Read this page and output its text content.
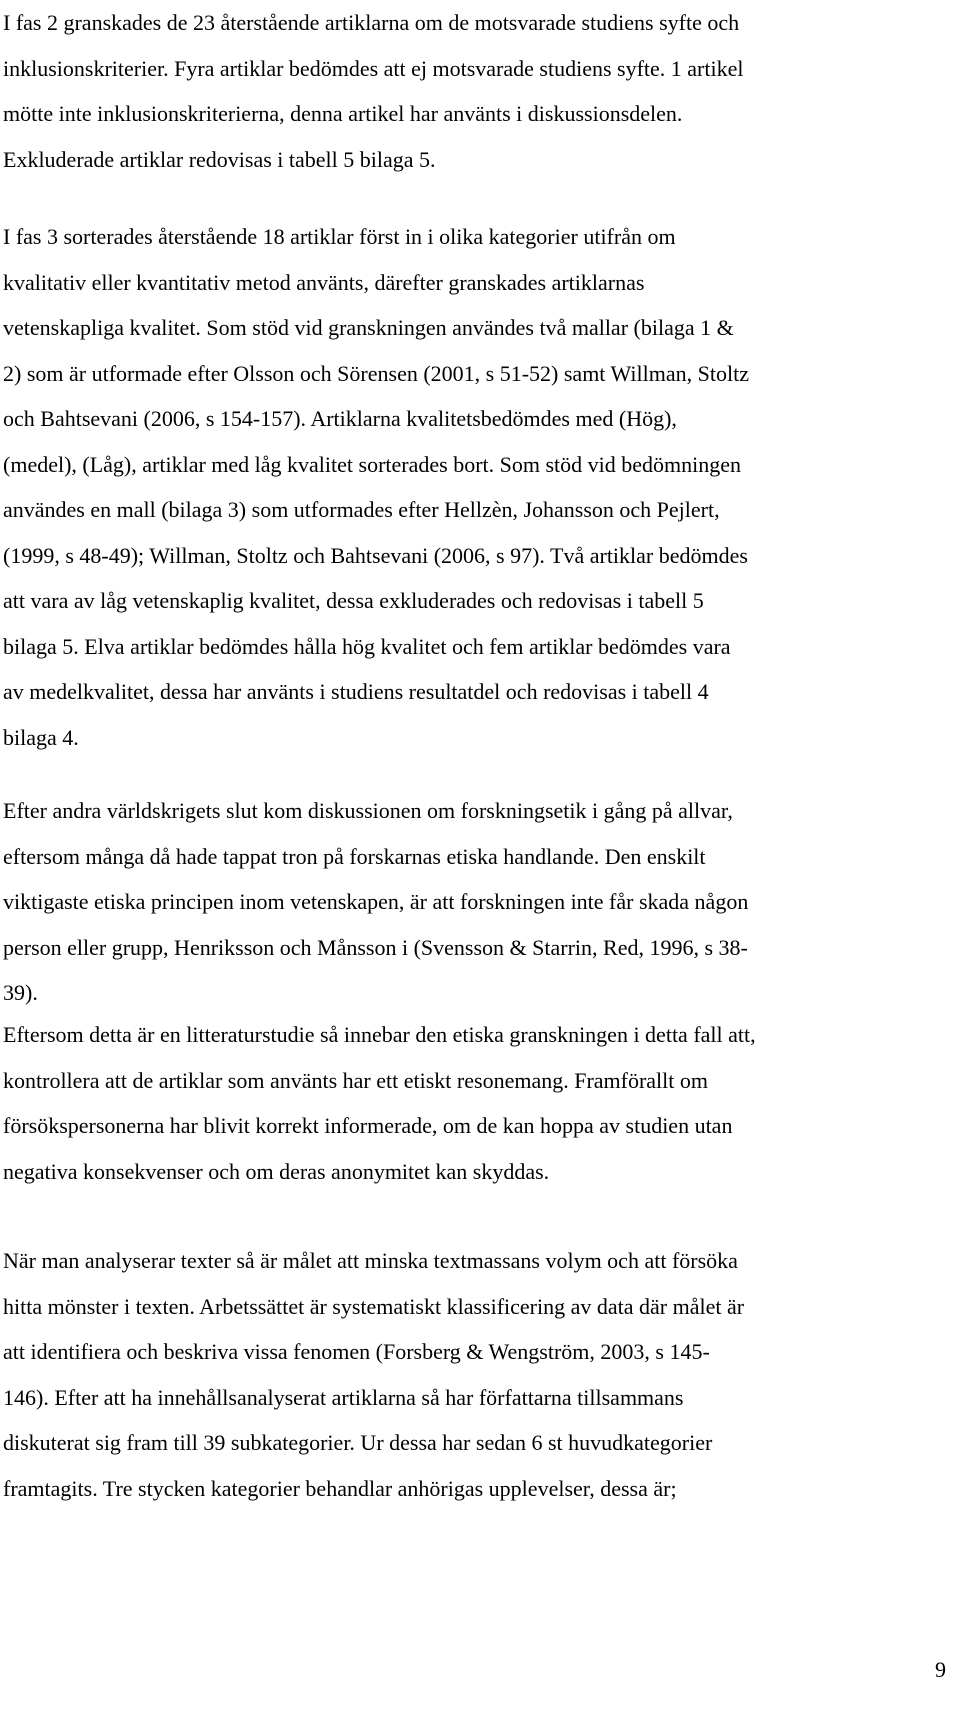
I fas 2 granskades de 23 återstående artiklarna om de motsvarade studiens syfte och
inklusionskriterier. Fyra artiklar bedömdes att ej motsvarade studiens syfte. 1 artikel
mötte inte inklusionskriterierna, denna artikel har använts i diskussionsdelen.
Exkluderade artiklar redovisas i tabell 5 bilaga 5.

I fas 3 sorterades återstående 18 artiklar först in i olika kategorier utifrån om
kvalitativ eller kvantitativ metod använts, därefter granskades artiklarnas
vetenskapliga kvalitet. Som stöd vid granskningen användes två mallar (bilaga 1 &
2) som är utformade efter Olsson och Sörensen (2001, s 51-52) samt Willman, Stoltz
och Bahtsevani (2006, s 154-157). Artiklarna kvalitetsbedömdes med (Hög),
(medel), (Låg), artiklar med låg kvalitet sorterades bort. Som stöd vid bedömningen
användes en mall (bilaga 3) som utformades efter Hellzèn, Johansson och Pejlert,
(1999, s 48-49); Willman, Stoltz och Bahtsevani (2006, s 97). Två artiklar bedömdes
att vara av låg vetenskaplig kvalitet, dessa exkluderades och redovisas i tabell 5
bilaga 5. Elva artiklar bedömdes hålla hög kvalitet och fem artiklar bedömdes vara
av medelkvalitet, dessa har använts i studiens resultatdel och redovisas i tabell 4
bilaga 4.

Efter andra världskrigets slut kom diskussionen om forskningsetik i gång på allvar,
eftersom många då hade tappat tron på forskarnas etiska handlande. Den enskilt
viktigaste etiska principen inom vetenskapen, är att forskningen inte får skada någon
person eller grupp, Henriksson och Månsson i (Svensson & Starrin, Red, 1996, s 38-
39).

Eftersom detta är en litteraturstudie så innebar den etiska granskningen i detta fall att,
kontrollera att de artiklar som använts har ett etiskt resonemang. Framförallt om
försökspersonerna har blivit korrekt informerade, om de kan hoppa av studien utan
negativa konsekvenser och om deras anonymitet kan skyddas.

När man analyserar texter så är målet att minska textmassans volym och att försöka
hitta mönster i texten. Arbetssättet är systematiskt klassificering av data där målet är
att identifiera och beskriva vissa fenomen (Forsberg & Wengström, 2003, s 145-
146). Efter att ha innehållsanalyserat artiklarna så har författarna tillsammans
diskuterat sig fram till 39 subkategorier. Ur dessa har sedan 6 st huvudkategorier
framtagits. Tre stycken kategorier behandlar anhörigas upplevelser, dessa är;

9
